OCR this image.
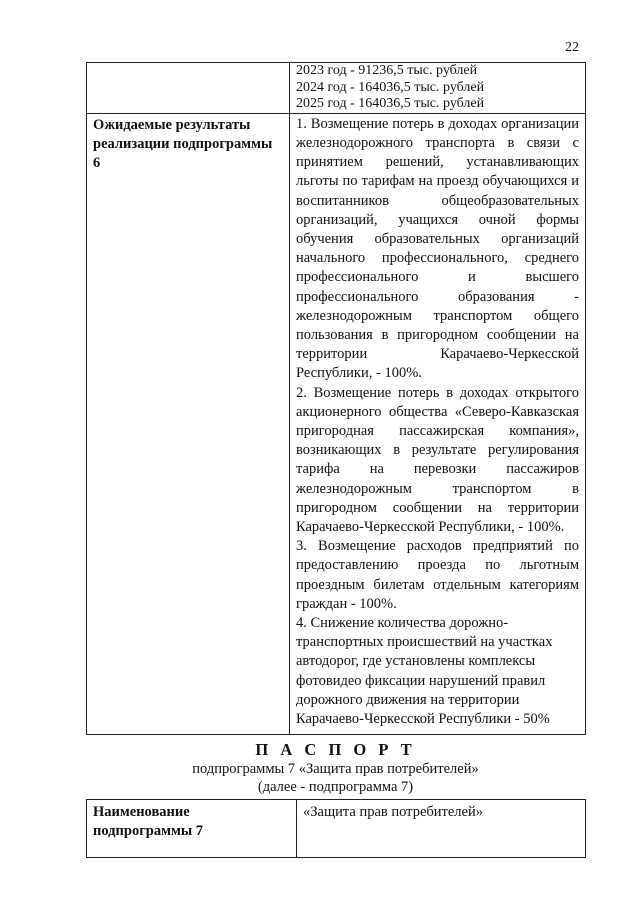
22

	2023 год - 91236,5 тыс. рублей
2024 год - 164036,5 тыс. рублей
2025 год - 164036,5 тыс. рублей

Ожидаемые результаты реализации подпрограммы 6	1. Возмещение потерь в доходах организации железнодорожного транспорта в связи с принятием решений, устанавливающих льготы по тарифам на проезд обучающихся и воспитанников общеобразовательных организаций, учащихся очной формы обучения образовательных организаций начального профессионального, среднего профессионального и высшего профессионального образования - железнодорожным транспортом общего пользования в пригородном сообщении на территории Карачаево-Черкесской Республики, - 100%.
2. Возмещение потерь в доходах открытого акционерного общества «Северо-Кавказская пригородная пассажирская компания», возникающих в результате регулирования тарифа на перевозки пассажиров железнодорожным транспортом в пригородном сообщении на территории Карачаево-Черкесской Республики, - 100%.
3. Возмещение расходов предприятий по предоставлению проезда по льготным проездным билетам отдельным категориям граждан - 100%.
4. Снижение количества дорожно-транспортных происшествий на участках автодорог, где установлены комплексы фотовидео фиксации нарушений правил дорожного движения на территории Карачаево-Черкесской Республики - 50%
П А С П О Р Т
подпрограммы 7 «Защита прав потребителей»
(далее - подпрограмма 7)
Наименование подпрограммы 7	«Защита прав потребителей»
